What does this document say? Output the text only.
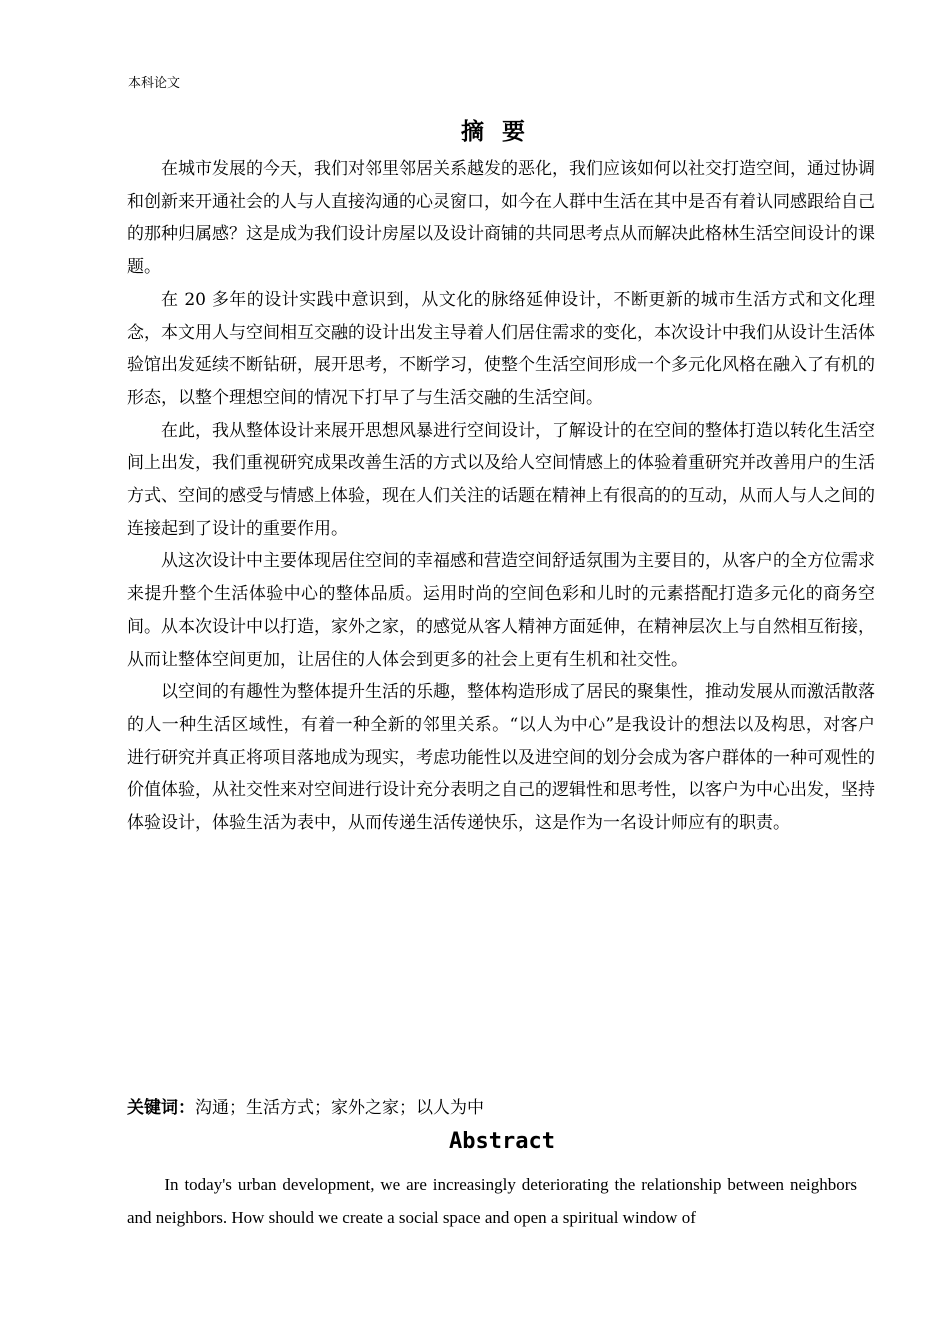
本科论文
摘要

在城市发展的今天，我们对邻里邻居关系越发的恶化，我们应该如何以社交打造空间，通过协调和创新来开通社会的人与人直接沟通的心灵窗口，如今在人群中生活在其中是否有着认同感跟给自己的那种归属感？这是成为我们设计房屋以及设计商铺的共同思考点从而解决此格林生活空间设计的课题。

在 20 多年的设计实践中意识到，从文化的脉络延伸设计，不断更新的城市生活方式和文化理念，本文用人与空间相互交融的设计出发主导着人们居住需求的变化，本次设计中我们从设计生活体验馆出发延续不断钻研，展开思考，不断学习，使整个生活空间形成一个多元化风格在融入了有机的形态，以整个理想空间的情况下打早了与生活交融的生活空间。

在此，我从整体设计来展开思想风暴进行空间设计，了解设计的在空间的整体打造以转化生活空间上出发，我们重视研究成果改善生活的方式以及给人空间情感上的体验着重研究并改善用户的生活方式、空间的感受与情感上体验，现在人们关注的话题在精神上有很高的的互动，从而人与人之间的连接起到了设计的重要作用。

从这次设计中主要体现居住空间的幸福感和营造空间舒适氛围为主要目的，从客户的全方位需求来提升整个生活体验中心的整体品质。运用时尚的空间色彩和儿时的元素搭配打造多元化的商务空间。从本次设计中以打造，家外之家，的感觉从客人精神方面延伸，在精神层次上与自然相互衔接，从而让整体空间更加，让居住的人体会到更多的社会上更有生机和社交性。

以空间的有趣性为整体提升生活的乐趣，整体构造形成了居民的聚集性，推动发展从而激活散落的人一种生活区域性，有着一种全新的邻里关系。“以人为中心”是我设计的想法以及构思，对客户进行研究并真正将项目落地成为现实，考虑功能性以及进空间的划分会成为客户群体的一种可观性的价值体验，从社交性来对空间进行设计充分表明之自己的逻辑性和思考性，以客户为中心出发，坚持体验设计，体验生活为表中，从而传递生活传递快乐，这是作为一名设计师应有的职责。

关键词：沟通；生活方式；家外之家；以人为中
Abstract

In today's urban development, we are increasingly deteriorating the relationship between neighbors and neighbors. How should we create a social space and open a spiritual window of
